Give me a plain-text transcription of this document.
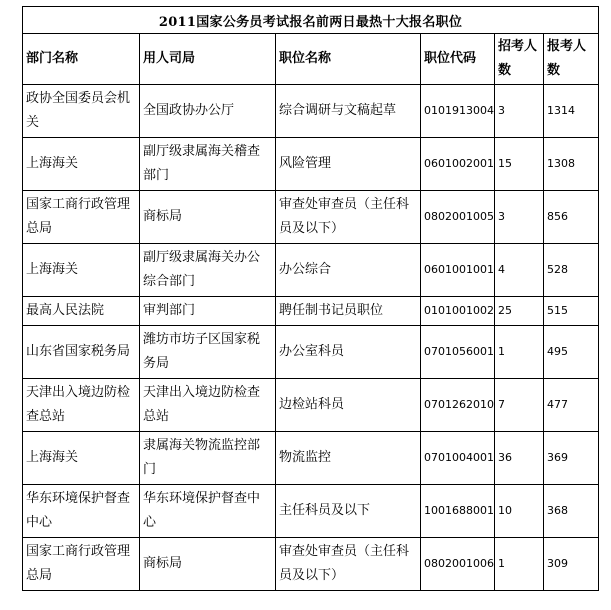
2011国家公务员考试报名前两日最热十大报名职位					
部门名称	用人司局	职位名称	职位代码	招考人数	报考人数
政协全国委员会机关	全国政协办公厅	综合调研与文稿起草	0101913004	3	1314
上海海关	副厅级隶属海关稽查部门	风险管理	0601002001	15	1308
国家工商行政管理总局	商标局	审查处审查员（主任科员及以下）	0802001005	3	856
上海海关	副厅级隶属海关办公综合部门	办公综合	0601001001	4	528
最高人民法院	审判部门	聘任制书记员职位	0101001002	25	515
山东省国家税务局	潍坊市坊子区国家税务局	办公室科员	0701056001	1	495
天津出入境边防检查总站	天津出入境边防检查总站	边检站科员	0701262010	7	477
上海海关	隶属海关物流监控部门	物流监控	0701004001	36	369
华东环境保护督查中心	华东环境保护督查中心	主任科员及以下	1001688001	10	368
国家工商行政管理总局	商标局	审查处审查员（主任科员及以下）	0802001006	1	309
